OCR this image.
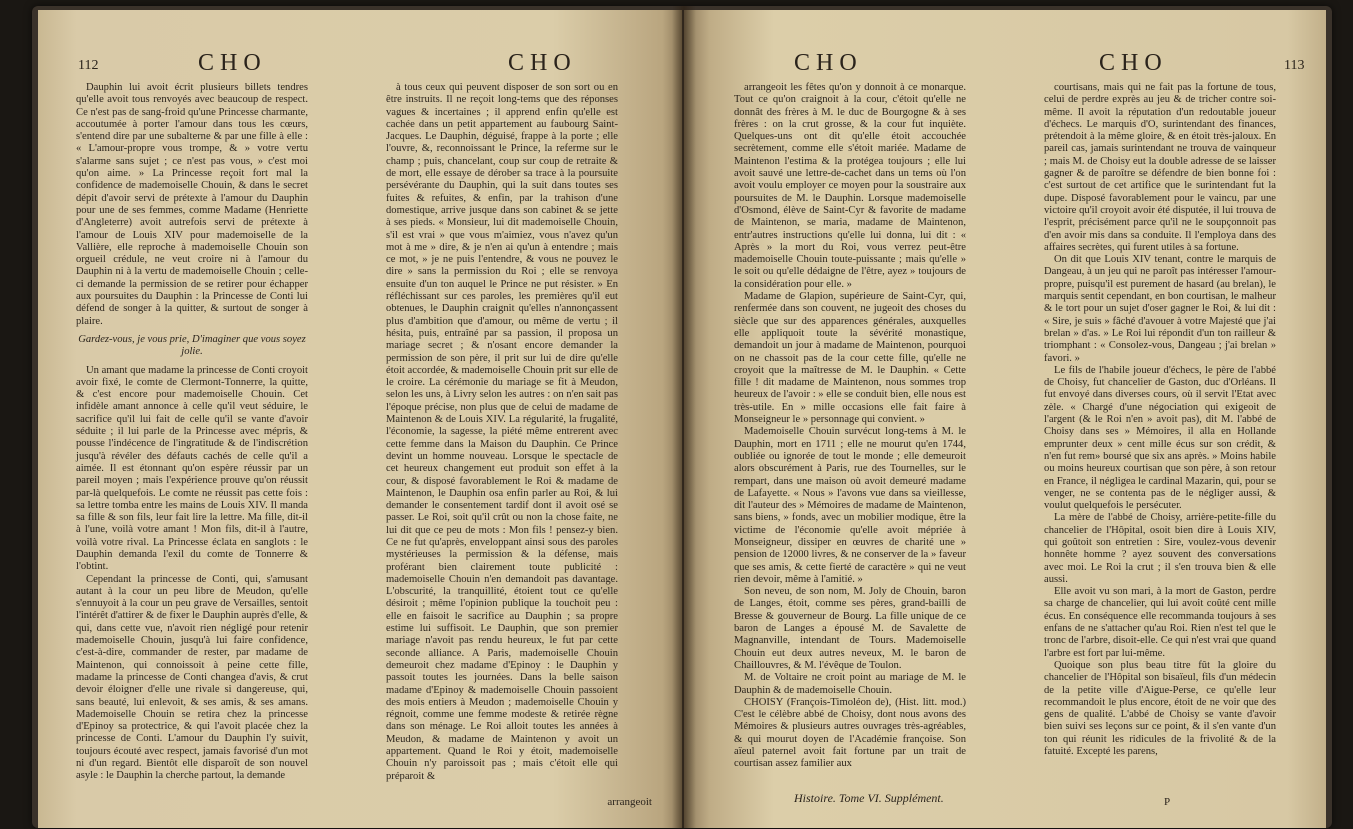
112	CHO	CHO

Dauphin lui avoit écrit plusieurs billets tendres qu'elle avoit tous renvoyés avec beaucoup de respect. Ce n'est pas de sang-froid qu'une Princesse charmante, accoutumée à porter l'amour dans tous les cœurs, s'entend dire par une subalterne & par une fille à elle : « L'amour-propre vous trompe, & » votre vertu s'alarme sans sujet ; ce n'est pas vous, » c'est moi qu'on aime. » La Princesse reçoit fort mal la confidence de mademoiselle Chouin, & dans le secret dépit d'avoir servi de prétexte à l'amour du Dauphin pour une de ses femmes, comme Madame (Henriette d'Angleterre) avoit autrefois servi de prétexte à l'amour de Louis XIV pour mademoiselle de la Vallière, elle reproche à mademoiselle Chouin son orgueil crédule, ne veut croire ni à l'amour du Dauphin ni à la vertu de mademoiselle Chouin ; celle-ci demande la permission de se retirer pour échapper aux poursuites du Dauphin : la Princesse de Conti lui défend de songer à la quitter, & surtout de songer à plaire.

Gardez-vous, je vous prie, D'imaginer que vous soyez jolie.

Un amant que madame la princesse de Conti croyoit avoir fixé, le comte de Clermont-Tonnerre, la quitte, & c'est encore pour mademoiselle Chouin. Cet infidèle amant annonce à celle qu'il veut séduire, le sacrifice qu'il lui fait de celle qu'il se vante d'avoir séduite ; il lui parle de la Princesse avec mépris, & pousse l'indécence de l'ingratitude & de l'indiscrétion jusqu'à révéler des défauts cachés de celle qu'il a aimée. Il est étonnant qu'on espère réussir par un pareil moyen ; mais l'expérience prouve qu'on réussit par-là quelquefois. Le comte ne réussit pas cette fois : sa lettre tomba entre les mains de Louis XIV. Il manda sa fille & son fils, leur fait lire la lettre. Ma fille, dit-il à l'une, voilà votre amant ! Mon fils, dit-il à l'autre, voilà votre rival. La Princesse éclata en sanglots : le Dauphin demanda l'exil du comte de Tonnerre & l'obtint.

Cependant la princesse de Conti, qui, s'amusant autant à la cour un peu libre de Meudon, qu'elle s'ennuyoit à la cour un peu grave de Versailles, sentoit l'intérêt d'attirer & de fixer le Dauphin auprès d'elle, & qui, dans cette vue, n'avoit rien négligé pour retenir mademoiselle Chouin, jusqu'à lui faire confidence, c'est-à-dire, commander de rester, par madame de Maintenon, qui connoissoit à peine cette fille, madame la princesse de Conti changea d'avis, & crut devoir éloigner d'elle une rivale si dangereuse, qui, sans beauté, lui enlevoit, & ses amis, & ses amans. Mademoiselle Chouin se retira chez la princesse d'Epinoy sa protectrice, & qui l'avoit placée chez la princesse de Conti. L'amour du Dauphin l'y suivit, toujours écouté avec respect, jamais favorisé d'un mot ni d'un regard. Bientôt elle disparoît de son nouvel asyle : le Dauphin la cherche partout, la demande

à tous ceux qui peuvent disposer de son sort ou en être instruits. Il ne reçoit long-tems que des réponses vagues & incertaines ; il apprend enfin qu'elle est cachée dans un petit appartement au faubourg Saint-Jacques. Le Dauphin, déguisé, frappe à la porte ; elle l'ouvre, &, reconnoissant le Prince, la referme sur le champ ; puis, chancelant, coup sur coup de retraite & de mort, elle essaye de dérober sa trace à la poursuite persévérante du Dauphin, qui la suit dans toutes ses fuites & refuites, & enfin, par la trahison d'une domestique, arrive jusque dans son cabinet & se jette à ses pieds. « Monsieur, lui dit mademoiselle Chouin, s'il est vrai » que vous m'aimiez, vous n'avez qu'un mot à me » dire, & je n'en ai qu'un à entendre ; mais ce mot, » je ne puis l'entendre, & vous ne pouvez le dire » sans la permission du Roi ; elle se renvoya ensuite d'un ton auquel le Prince ne put résister. » En réfléchissant sur ces paroles, les premières qu'il eut obtenues, le Dauphin craignit qu'elles n'annonçassent plus d'ambition que d'amour, ou même de vertu ; il hésita, puis, entraîné par sa passion, il proposa un mariage secret ; & n'osant encore demander la permission de son père, il prit sur lui de dire qu'elle étoit accordée, & mademoiselle Chouin prit sur elle de le croire. La cérémonie du mariage se fit à Meudon, selon les uns, à Livry selon les autres : on n'en sait pas l'époque précise, non plus que de celui de madame de Maintenon & de Louis XIV. La régularité, la frugalité, l'économie, la sagesse, la piété même entrerent avec cette femme dans la Maison du Dauphin. Ce Prince devint un homme nouveau. Lorsque le spectacle de cet heureux changement eut produit son effet à la cour, & disposé favorablement le Roi & madame de Maintenon, le Dauphin osa enfin parler au Roi, & lui demander le consentement tardif dont il avoit osé se passer. Le Roi, soit qu'il crût ou non la chose faite, ne lui dit que ce peu de mots : Mon fils ! pensez-y bien. Ce ne fut qu'après, enveloppant ainsi sous des paroles mystérieuses la permission & la défense, mais proférant bien clairement toute publicité : mademoiselle Chouin n'en demandoit pas davantage. L'obscurité, la tranquillité, étoient tout ce qu'elle désiroit ; même l'opinion publique la touchoit peu : elle en faisoit le sacrifice au Dauphin ; sa propre estime lui suffisoit. Le Dauphin, que son premier mariage n'avoit pas rendu heureux, le fut par cette seconde alliance. A Paris, mademoiselle Chouin demeuroit chez madame d'Epinoy : le Dauphin y passoit toutes les journées. Dans la belle saison madame d'Epinoy & mademoiselle Chouin passoient des mois entiers à Meudon ; mademoiselle Chouin y régnoit, comme une femme modeste & retirée règne dans son ménage. Le Roi alloit toutes les années à Meudon, & madame de Maintenon y avoit un appartement. Quand le Roi y étoit, mademoiselle Chouin n'y paroissoit pas ; mais c'étoit elle qui préparoit &

arrangeoit
CHO	CHO	113

arrangeoit les fêtes qu'on y donnoit à ce monarque. Tout ce qu'on craignoit à la cour, c'étoit qu'elle ne donnât des frères à M. le duc de Bourgogne & à ses frères : on la crut grosse, & la cour fut inquiète. Quelques-uns ont dit qu'elle étoit accouchée secrètement, comme elle s'étoit mariée. Madame de Maintenon l'estima & la protégea toujours ; elle lui avoit sauvé une lettre-de-cachet dans un tems où l'on avoit voulu employer ce moyen pour la soustraire aux poursuites de M. le Dauphin. Lorsque mademoiselle d'Osmond, élève de Saint-Cyr & favorite de madame de Maintenon, se maria, madame de Maintenon, entr'autres instructions qu'elle lui donna, lui dit : « Après » la mort du Roi, vous verrez peut-être mademoiselle Chouin toute-puissante ; mais qu'elle » le soit ou qu'elle dédaigne de l'être, ayez » toujours de la considération pour elle. »

Madame de Glapion, supérieure de Saint-Cyr, qui, renfermée dans son couvent, ne jugeoit des choses du siècle que sur des apparences générales, auxquelles elle appliquoit toute la sévérité monastique, demandoit un jour à madame de Maintenon, pourquoi on ne chassoit pas de la cour cette fille, qu'elle ne croyoit que la maîtresse de M. le Dauphin. « Cette fille ! dit madame de Maintenon, nous sommes trop heureux de l'avoir : » elle se conduit bien, elle nous est très-utile. En » mille occasions elle fait faire à Monseigneur le » personnage qui convient. »

Mademoiselle Chouin survécut long-tems à M. le Dauphin, mort en 1711 ; elle ne mourut qu'en 1744, oubliée ou ignorée de tout le monde ; elle demeuroit alors obscurément à Paris, rue des Tournelles, sur le rempart, dans une maison où avoit demeuré madame de Lafayette. « Nous » l'avons vue dans sa vieillesse, dit l'auteur des » Mémoires de madame de Maintenon, sans biens, » fonds, avec un mobilier modique, être la victime de l'économie qu'elle avoit mépriée à Monseigneur, dissiper en œuvres de charité une » pension de 12000 livres, & ne conserver de la » faveur que ses amis, & cette fierté de caractère » qui ne veut rien devoir, même à l'amitié. »

Son neveu, de son nom, M. Joly de Chouin, baron de Langes, étoit, comme ses pères, grand-bailli de Bresse & gouverneur de Bourg. La fille unique de ce baron de Langes a épousé M. de Savalette de Magnanville, intendant de Tours. Mademoiselle Chouin eut deux autres neveux, M. le baron de Chaillouvres, & M. l'évêque de Toulon.

M. de Voltaire ne croit point au mariage de M. le Dauphin & de mademoiselle Chouin.

CHOISY (François-Timoléon de), (Hist. litt. mod.) C'est le célèbre abbé de Choisy, dont nous avons des Mémoires & plusieurs autres ouvrages très-agréables, & qui mourut doyen de l'Académie françoise. Son aïeul paternel avoit fait fortune par un trait de courtisan assez familier aux

courtisans, mais qui ne fait pas la fortune de tous, celui de perdre exprès au jeu & de tricher contre soi-même. Il avoit la réputation d'un redoutable joueur d'échecs. Le marquis d'O, surintendant des finances, prétendoit à la même gloire, & en étoit très-jaloux. En pareil cas, jamais surintendant ne trouva de vainqueur ; mais M. de Choisy eut la double adresse de se laisser gagner & de paroître se défendre de bien bonne foi : c'est surtout de cet artifice que le surintendant fut la dupe. Disposé favorablement pour le vaincu, par une victoire qu'il croyoit avoir été disputée, il lui trouva de l'esprit, précisément parce qu'il ne le soupçonnoit pas d'en avoir mis dans sa conduite. Il l'employa dans des affaires secrètes, qui furent utiles à sa fortune.

On dit que Louis XIV tenant, contre le marquis de Dangeau, à un jeu qui ne paroît pas intéresser l'amour-propre, puisqu'il est purement de hasard (au brelan), le marquis sentit cependant, en bon courtisan, le malheur & le tort pour un sujet d'oser gagner le Roi, & lui dit : « Sire, je suis » fâché d'avouer à votre Majesté que j'ai brelan » d'as. » Le Roi lui répondit d'un ton railleur & triomphant : « Consolez-vous, Dangeau ; j'ai brelan » favori. »

Le fils de l'habile joueur d'échecs, le père de l'abbé de Choisy, fut chancelier de Gaston, duc d'Orléans. Il fut envoyé dans diverses cours, où il servit l'Etat avec zèle. « Chargé d'une négociation qui exigeoit de l'argent (& le Roi n'en » avoit pas), dit M. l'abbé de Choisy dans ses » Mémoires, il alla en Hollande emprunter deux » cent mille écus sur son crédit, & n'en fut rem» boursé que six ans après. » Moins habile ou moins heureux courtisan que son père, à son retour en France, il négligea le cardinal Mazarin, qui, pour se venger, ne se contenta pas de le négliger aussi, & voulut quelquefois le persécuter.

La mère de l'abbé de Choisy, arrière-petite-fille du chancelier de l'Hôpital, osoit bien dire à Louis XIV, qui goûtoit son entretien : Sire, voulez-vous devenir honnête homme ? ayez souvent des conversations avec moi. Le Roi la crut ; il s'en trouva bien & elle aussi.

Elle avoit vu son mari, à la mort de Gaston, perdre sa charge de chancelier, qui lui avoit coûté cent mille écus. En conséquence elle recommanda toujours à ses enfans de ne s'attacher qu'au Roi. Rien n'est tel que le tronc de l'arbre, disoit-elle. Ce qui n'est vrai que quand l'arbre est fort par lui-même.

Quoique son plus beau titre fût la gloire du chancelier de l'Hôpital son bisaïeul, fils d'un médecin de la petite ville d'Aigue-Perse, ce qu'elle leur recommandoit le plus encore, étoit de ne voir que des gens de qualité. L'abbé de Choisy se vante d'avoir bien suivi ses leçons sur ce point, & il s'en vante d'un ton qui réunit les ridicules de la frivolité & de la fatuité. Excepté les parens,

Histoire. Tome VI. Supplément.	P
